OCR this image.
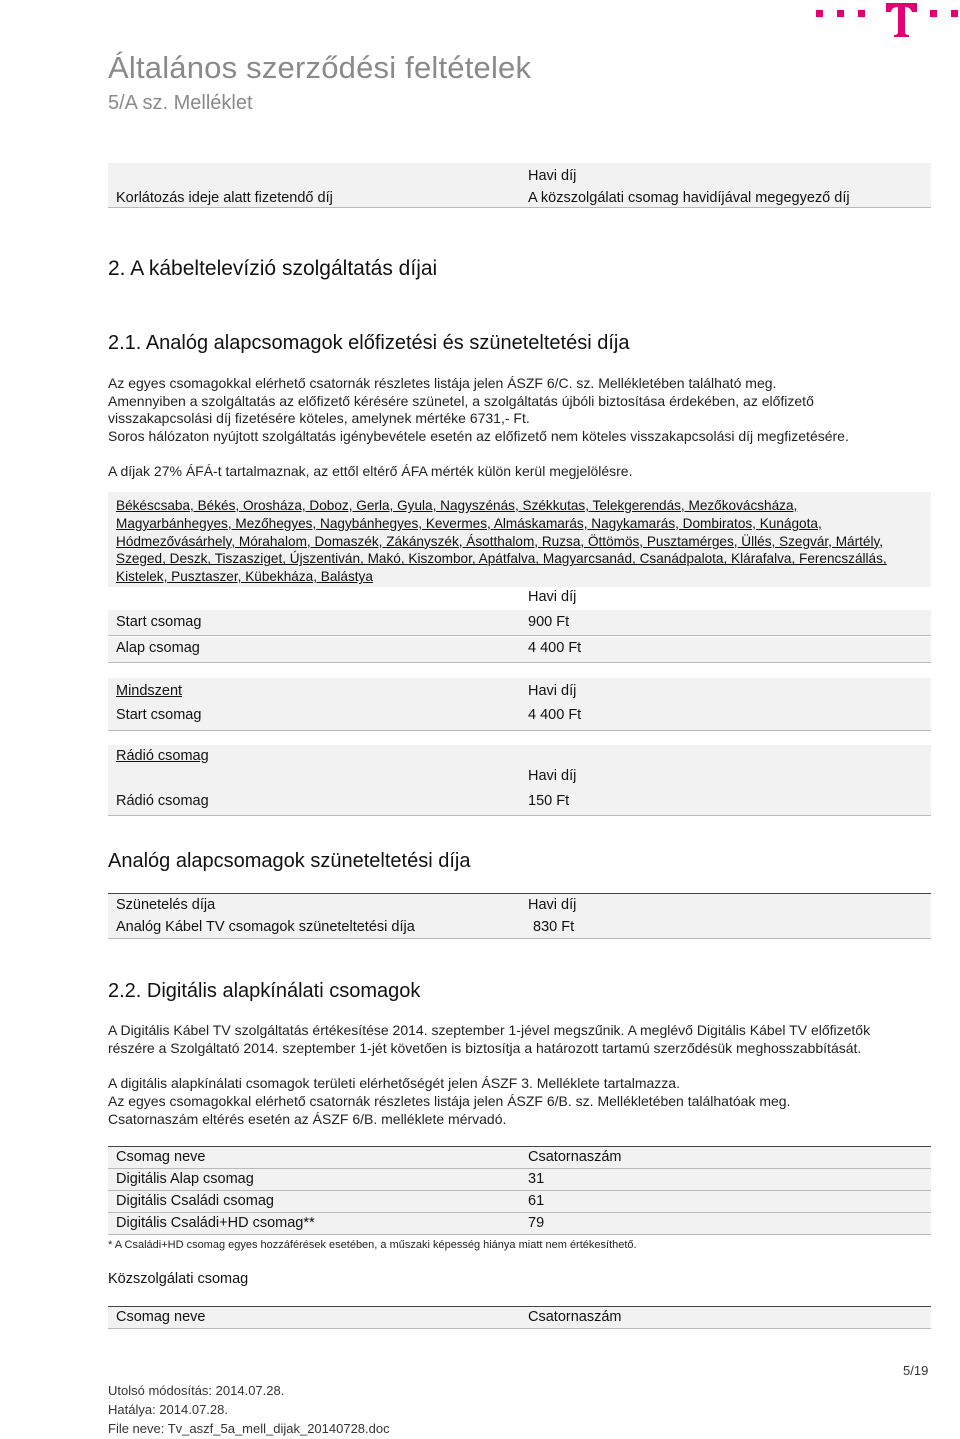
Általános szerződési feltételek
5/A sz. Melléklet
Havi díj
Korlátozás ideje alatt fizetendő díj	A közszolgálati csomag havidíjával megegyező díj
2. A kábeltelevízió szolgáltatás díjai
2.1. Analóg alapcsomagok előfizetési és szüneteltetési díja
Az egyes csomagokkal elérhető csatornák részletes listája jelen ÁSZF 6/C. sz. Mellékletében található meg.
Amennyiben a szolgáltatás az előfizető kérésére szünetel, a szolgáltatás újbóli biztosítása érdekében, az előfizető
visszakapcsolási díj fizetésére köteles, amelynek mértéke 6731,- Ft.
Soros hálózaton nyújtott szolgáltatás igénybevétele esetén az előfizető nem köteles visszakapcsolási díj megfizetésére.
A díjak 27% ÁFÁ-t tartalmaznak, az ettől eltérő ÁFA mérték külön kerül megjelölésre.
Békéscsaba, Békés, Orosháza, Doboz, Gerla, Gyula, Nagyszénás, Székkutas, Telekgerendás, Mezőkovácsháza,
Magyarbánhegyes, Mezőhegyes, Nagybánhegyes, Kevermes, Almáskamarás, Nagykamarás, Dombiratos, Kunágota,
Hódmezővásárhely, Mórahalom, Domaszék, Zákányszék, Ásotthalom, Ruzsa, Öttömös, Pusztamérges, Üllés, Szegvár, Mártély,
Szeged, Deszk, Tiszasziget, Újszentiván, Makó, Kiszombor, Apátfalva, Magyarcsanád, Csanádpalota, Klárafalva, Ferencszállás,
Kistelek, Pusztaszer, Kübekháza, Balástya
Havi díj
Start csomag	900 Ft
Alap csomag	4 400 Ft
Mindszent	Havi díj
Start csomag	4 400 Ft
Rádió csomag
Havi díj
Rádió csomag	150 Ft
Analóg alapcsomagok szüneteltetési díja
Szünetelés díja	Havi díj
Analóg Kábel TV csomagok szüneteltetési díja	830 Ft
2.2. Digitális alapkínálati csomagok
A Digitális Kábel TV szolgáltatás értékesítése 2014. szeptember 1-jével megszűnik. A meglévő Digitális Kábel TV előfizetők
részére a Szolgáltató 2014. szeptember 1-jét követően is biztosítja a határozott tartamú szerződésük meghosszabbítását.
A digitális alapkínálati csomagok területi elérhetőségét jelen ÁSZF 3. Melléklete tartalmazza.
Az egyes csomagokkal elérhető csatornák részletes listája jelen ÁSZF 6/B. sz. Mellékletében találhatóak meg.
Csatornaszám eltérés esetén az ÁSZF 6/B. melléklete mérvadó.
Csomag neve	Csatornaszám
Digitális Alap csomag	31
Digitális Családi csomag	61
Digitális Családi+HD csomag**	79
* A Családi+HD csomag egyes hozzáférések esetében, a műszaki képesség hiánya miatt nem értékesíthető.
Közszolgálati csomag
Csomag neve	Csatornaszám
Utolsó módosítás: 2014.07.28.
Hatálya: 2014.07.28.
File neve: Tv_aszf_5a_mell_dijak_20140728.doc
5/19
